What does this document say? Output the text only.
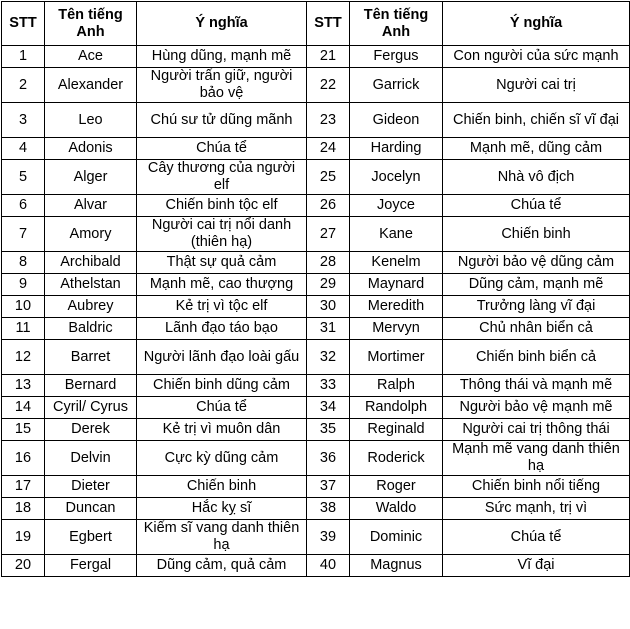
STT	Tên tiếng Anh	Ý nghĩa	STT	Tên tiếng Anh	Ý nghĩa
1	Ace	Hùng dũng, mạnh mẽ	21	Fergus	Con người của sức mạnh
2	Alexander	Người trấn giữ, người bảo vệ	22	Garrick	Người cai trị
3	Leo	Chú sư tử dũng mãnh	23	Gideon	Chiến binh, chiến sĩ vĩ đại
4	Adonis	Chúa tể	24	Harding	Mạnh mẽ, dũng cảm
5	Alger	Cây thương của người elf	25	Jocelyn	Nhà vô địch
6	Alvar	Chiến binh tộc elf	26	Joyce	Chúa tể
7	Amory	Người cai trị nổi danh (thiên hạ)	27	Kane	Chiến binh
8	Archibald	Thật sự quả cảm	28	Kenelm	Người bảo vệ dũng cảm
9	Athelstan	Mạnh mẽ, cao thượng	29	Maynard	Dũng cảm, mạnh mẽ
10	Aubrey	Kẻ trị vì tộc elf	30	Meredith	Trưởng làng vĩ đại
11	Baldric	Lãnh đạo táo bạo	31	Mervyn	Chủ nhân biển cả
12	Barret	Người lãnh đạo loài gấu	32	Mortimer	Chiến binh biển cả
13	Bernard	Chiến binh dũng cảm	33	Ralph	Thông thái và mạnh mẽ
14	Cyril/ Cyrus	Chúa tể	34	Randolph	Người bảo vệ mạnh mẽ
15	Derek	Kẻ trị vì muôn dân	35	Reginald	Người cai trị thông thái
16	Delvin	Cực kỳ dũng cảm	36	Roderick	Mạnh mẽ vang danh thiên hạ
17	Dieter	Chiến binh	37	Roger	Chiến binh nổi tiếng
18	Duncan	Hắc kỵ sĩ	38	Waldo	Sức mạnh, trị vì
19	Egbert	Kiếm sĩ vang danh thiên hạ	39	Dominic	Chúa tể
20	Fergal	Dũng cảm, quả cảm	40	Magnus	Vĩ đại
